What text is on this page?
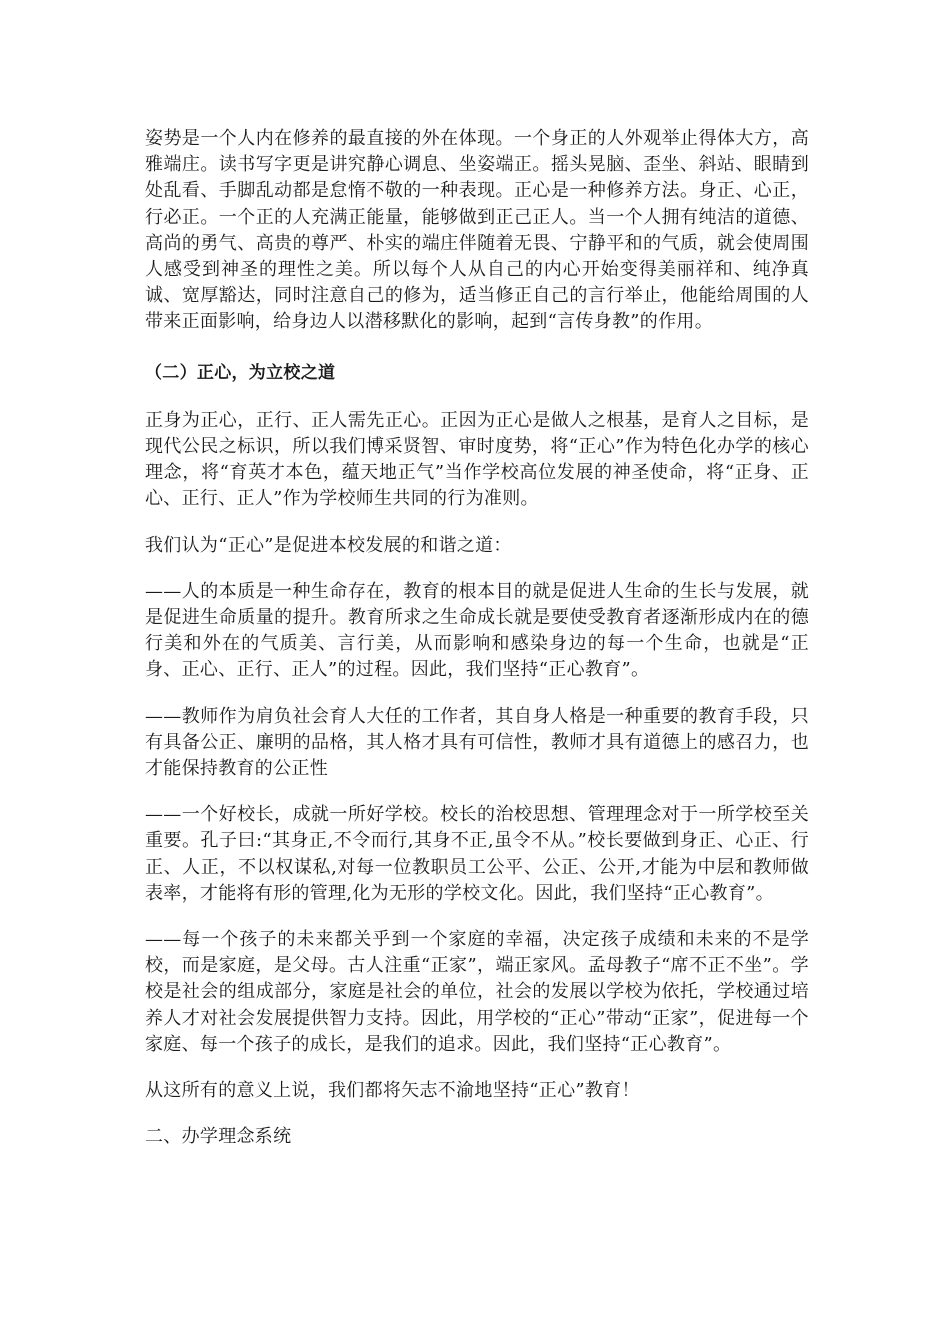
姿势是一个人内在修养的最直接的外在体现。一个身正的人外观举止得体大方，高雅端庄。读书写字更是讲究静心调息、坐姿端正。摇头晃脑、歪坐、斜站、眼睛到处乱看、手脚乱动都是怠惰不敬的一种表现。正心是一种修养方法。身正、心正，行必正。一个正的人充满正能量，能够做到正己正人。当一个人拥有纯洁的道德、高尚的勇气、高贵的尊严、朴实的端庄伴随着无畏、宁静平和的气质，就会使周围人感受到神圣的理性之美。所以每个人从自己的内心开始变得美丽祥和、纯净真诚、宽厚豁达，同时注意自己的修为，适当修正自己的言行举止，他能给周围的人带来正面影响，给身边人以潜移默化的影响，起到“言传身教”的作用。

（二）正心，为立校之道

正身为正心，正行、正人需先正心。正因为正心是做人之根基，是育人之目标，是现代公民之标识，所以我们博采贤智、审时度势，将“正心”作为特色化办学的核心理念，将“育英才本色，蕴天地正气”当作学校高位发展的神圣使命，将“正身、正心、正行、正人”作为学校师生共同的行为准则。

我们认为“正心”是促进本校发展的和谐之道：

——人的本质是一种生命存在，教育的根本目的就是促进人生命的生长与发展，就是促进生命质量的提升。教育所求之生命成长就是要使受教育者逐渐形成内在的德行美和外在的气质美、言行美，从而影响和感染身边的每一个生命，也就是“正身、正心、正行、正人”的过程。因此，我们坚持“正心教育”。

——教师作为肩负社会育人大任的工作者，其自身人格是一种重要的教育手段，只有具备公正、廉明的品格，其人格才具有可信性，教师才具有道德上的感召力，也才能保持教育的公正性

——一个好校长，成就一所好学校。校长的治校思想、管理理念对于一所学校至关重要。孔子曰:“其身正,不令而行,其身不正,虽令不从。”校长要做到身正、心正、行正、人正，不以权谋私,对每一位教职员工公平、公正、公开,才能为中层和教师做表率，才能将有形的管理,化为无形的学校文化。因此，我们坚持“正心教育”。

——每一个孩子的未来都关乎到一个家庭的幸福，决定孩子成绩和未来的不是学校，而是家庭，是父母。古人注重“正家”，端正家风。孟母教子“席不正不坐”。学校是社会的组成部分，家庭是社会的单位，社会的发展以学校为依托，学校通过培养人才对社会发展提供智力支持。因此，用学校的“正心”带动“正家”，促进每一个家庭、每一个孩子的成长，是我们的追求。因此，我们坚持“正心教育”。

从这所有的意义上说，我们都将矢志不渝地坚持“正心”教育！

二、办学理念系统
